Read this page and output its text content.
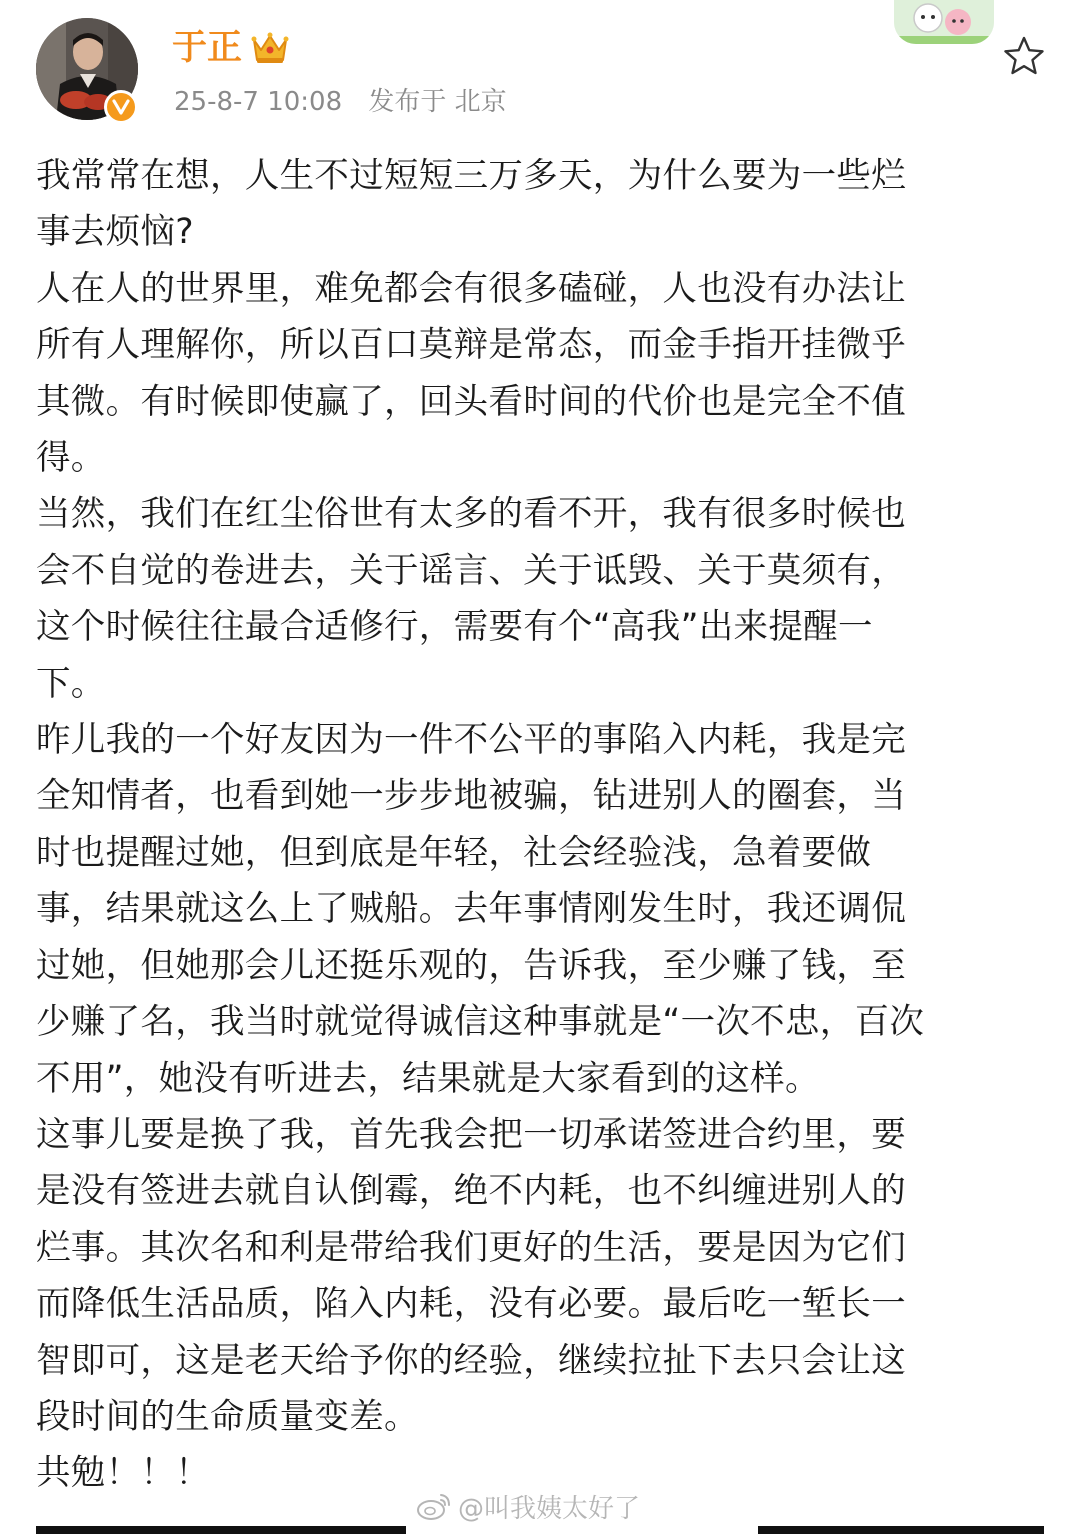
于正
25-8-7 10:08 发布于 北京

我常常在想，人生不过短短三万多天，为什么要为一些烂
事去烦恼?

人在人的世界里，难免都会有很多磕碰，人也没有办法让
所有人理解你，所以百口莫辩是常态，而金手指开挂微乎
其微。有时候即使赢了，回头看时间的代价也是完全不值
得。

当然，我们在红尘俗世有太多的看不开，我有很多时候也
会不自觉的卷进去，关于谣言、关于诋毁、关于莫须有，
这个时候往往最合适修行，需要有个“高我”出来提醒一
下。

昨儿我的一个好友因为一件不公平的事陷入内耗，我是完
全知情者，也看到她一步步地被骗，钻进别人的圈套，当
时也提醒过她，但到底是年轻，社会经验浅，急着要做
事，结果就这么上了贼船。去年事情刚发生时，我还调侃
过她，但她那会儿还挺乐观的，告诉我，至少赚了钱，至
少赚了名，我当时就觉得诚信这种事就是“一次不忠，百次
不用”，她没有听进去，结果就是大家看到的这样。

这事儿要是换了我，首先我会把一切承诺签进合约里，要
是没有签进去就自认倒霉，绝不内耗，也不纠缠进别人的
烂事。其次名和利是带给我们更好的生活，要是因为它们
而降低生活品质，陷入内耗，没有必要。最后吃一堑长一
智即可，这是老天给予你的经验，继续拉扯下去只会让这
段时间的生命质量变差。

共勉！！！

@叫我姨太好了
